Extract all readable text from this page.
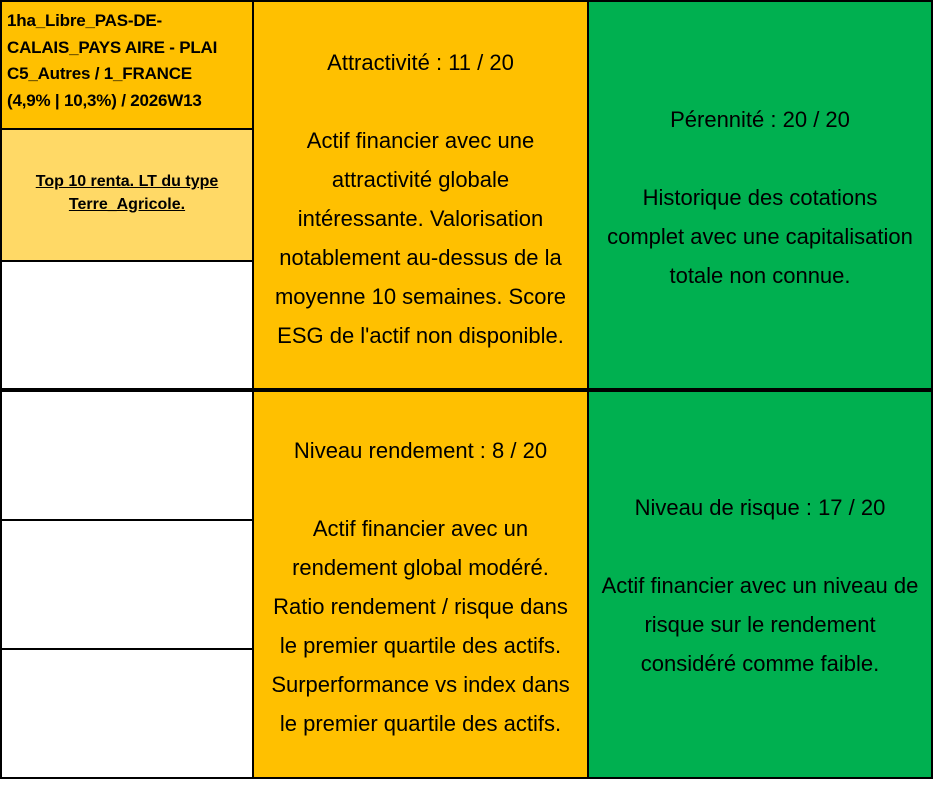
1ha_Libre_PAS-DE-
CALAIS_PAYS AIRE - PLAI
C5_Autres / 1_FRANCE
(4,9% | 10,3%) / 2026W13
Top 10 renta. LT du type
Terre_Agricole.
Attractivité : 11 / 20
Actif financier avec une
attractivité globale
intéressante. Valorisation
notablement au-dessus de la
moyenne 10 semaines. Score
ESG de l'actif non disponible.
Pérennité : 20 / 20
Historique des cotations
complet avec une capitalisation
totale non connue.
Niveau rendement : 8 / 20
Actif financier avec un
rendement global modéré.
Ratio rendement / risque dans
le premier quartile des actifs.
Surperformance vs index dans
le premier quartile des actifs.
Niveau de risque : 17 / 20
Actif financier avec un niveau de
risque sur le rendement
considéré comme faible.
